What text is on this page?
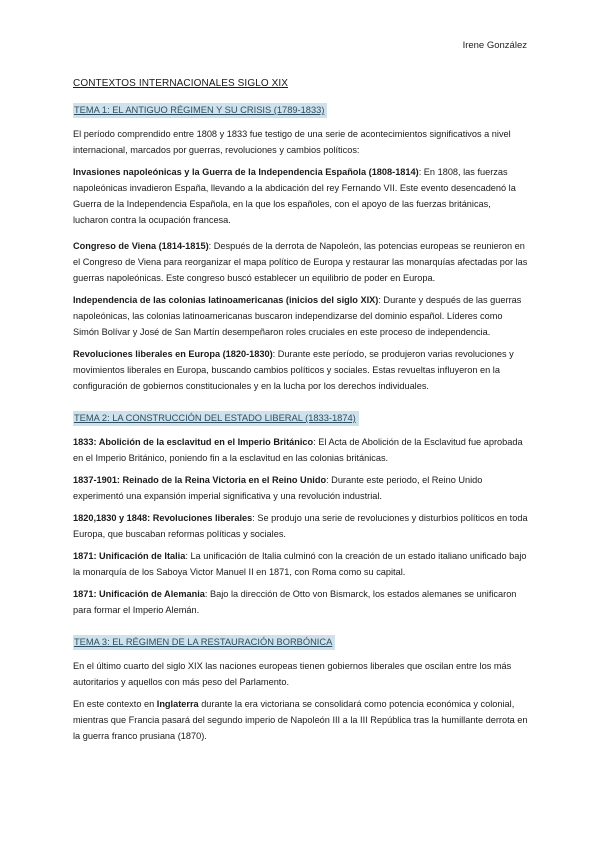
Irene González
CONTEXTOS INTERNACIONALES SIGLO XIX
TEMA 1: EL ANTIGUO RÉGIMEN Y SU CRISIS (1789-1833)

El período comprendido entre 1808 y 1833 fue testigo de una serie de acontecimientos significativos a nivel internacional, marcados por guerras, revoluciones y cambios políticos:

Invasiones napoleónicas y la Guerra de la Independencia Española (1808-1814): En 1808, las fuerzas napoleónicas invadieron España, llevando a la abdicación del rey Fernando VII. Este evento desencadenó la Guerra de la Independencia Española, en la que los españoles, con el apoyo de las fuerzas británicas, lucharon contra la ocupación francesa.

Congreso de Viena (1814-1815): Después de la derrota de Napoleón, las potencias europeas se reunieron en el Congreso de Viena para reorganizar el mapa político de Europa y restaurar las monarquías afectadas por las guerras napoleónicas. Este congreso buscó establecer un equilibrio de poder en Europa.

Independencia de las colonias latinoamericanas (inicios del siglo XIX): Durante y después de las guerras napoleónicas, las colonias latinoamericanas buscaron independizarse del dominio español. Líderes como Simón Bolívar y José de San Martín desempeñaron roles cruciales en este proceso de independencia.

Revoluciones liberales en Europa (1820-1830): Durante este período, se produjeron varias revoluciones y movimientos liberales en Europa, buscando cambios políticos y sociales. Estas revueltas influyeron en la configuración de gobiernos constitucionales y en la lucha por los derechos individuales.

TEMA 2: LA CONSTRUCCIÓN DEL ESTADO LIBERAL (1833-1874)

1833: Abolición de la esclavitud en el Imperio Británico: El Acta de Abolición de la Esclavitud fue aprobada en el Imperio Británico, poniendo fin a la esclavitud en las colonias británicas.

1837-1901: Reinado de la Reina Victoria en el Reino Unido: Durante este periodo, el Reino Unido experimentó una expansión imperial significativa y una revolución industrial.

1820,1830 y 1848: Revoluciones liberales: Se produjo una serie de revoluciones y disturbios políticos en toda Europa, que buscaban reformas políticas y sociales.

1871: Unificación de Italia: La unificación de Italia culminó con la creación de un estado italiano unificado bajo la monarquía de los Saboya Victor Manuel II en 1871, con Roma como su capital.

1871: Unificación de Alemania: Bajo la dirección de Otto von Bismarck, los estados alemanes se unificaron para formar el Imperio Alemán.

TEMA 3: EL RÉGIMEN DE LA RESTAURACIÓN BORBÓNICA

En el último cuarto del siglo XIX las naciones europeas tienen gobiernos liberales que oscilan entre los más autoritarios y aquellos con más peso del Parlamento.

En este contexto en Inglaterra durante la era victoriana se consolidará como potencia económica y colonial, mientras que Francia pasará del segundo imperio de Napoleón III a la III República tras la humillante derrota en la guerra franco prusiana (1870).
